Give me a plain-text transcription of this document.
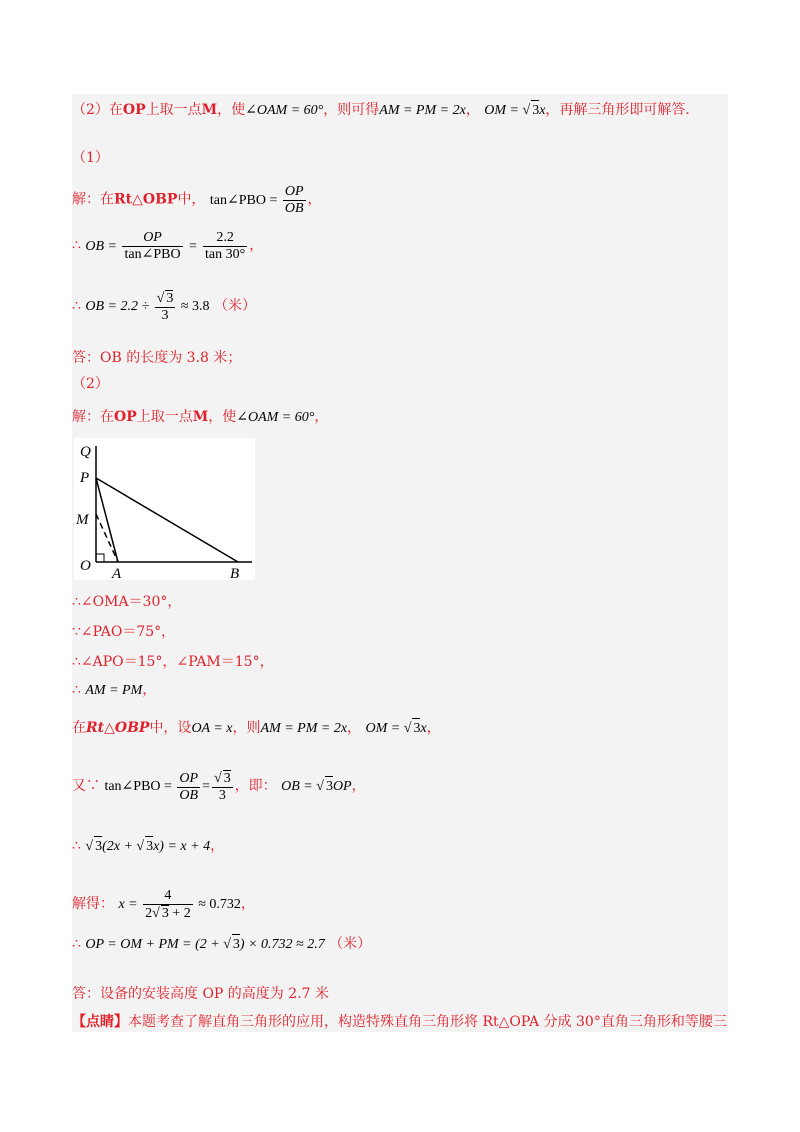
（2）在OP上取一点M，使∠OAM = 60°，则可得AM = PM = 2x， OM = √ 3x，再解三角形即可解答．
（1）
解：在Rt△OBP中， tan∠PBO = $\frac{OP}{OB}$ ，
∴ OB = $\frac{OP}{\text{tan∠PBO}} = \frac{2.2}{\tan 30^\circ}$ ，
∴ OB = $2.2 \div \frac{√ 3}{3} \approx 3.8$ （米）
答：OB 的长度为 3.8 米；
（2）
解：在OP上取一点M，使∠OAM = 60°，
Q
P
M
O A	B
∴∠OMA＝30°，
∵∠PAO＝75°，
∴∠APO＝15°，∠PAM＝15°，
∴ AM = PM，
在Rt△OBP中，设OA = x，则AM = PM = 2x， OM = √ 3x，
又∵ tan∠PBO = $\frac{OP}{OB} = \frac{√ 3}{3}$ ，即： OB = √ 3OP，
∴ √ 3(2x + √ 3x) = x + 4，
解得： $x = \frac{4}{2√ 3 + 2} \approx 0.732$，
∴ OP = OM + PM = (2 + √ 3) × 0.732 ≈ 2.7 （米）
答：设备的安装高度 OP 的高度为 2.7 米
【点睛】本题考查了解直角三角形的应用，构造特殊直角三角形将 Rt△OPA 分成 30°直角三角形和等腰三
